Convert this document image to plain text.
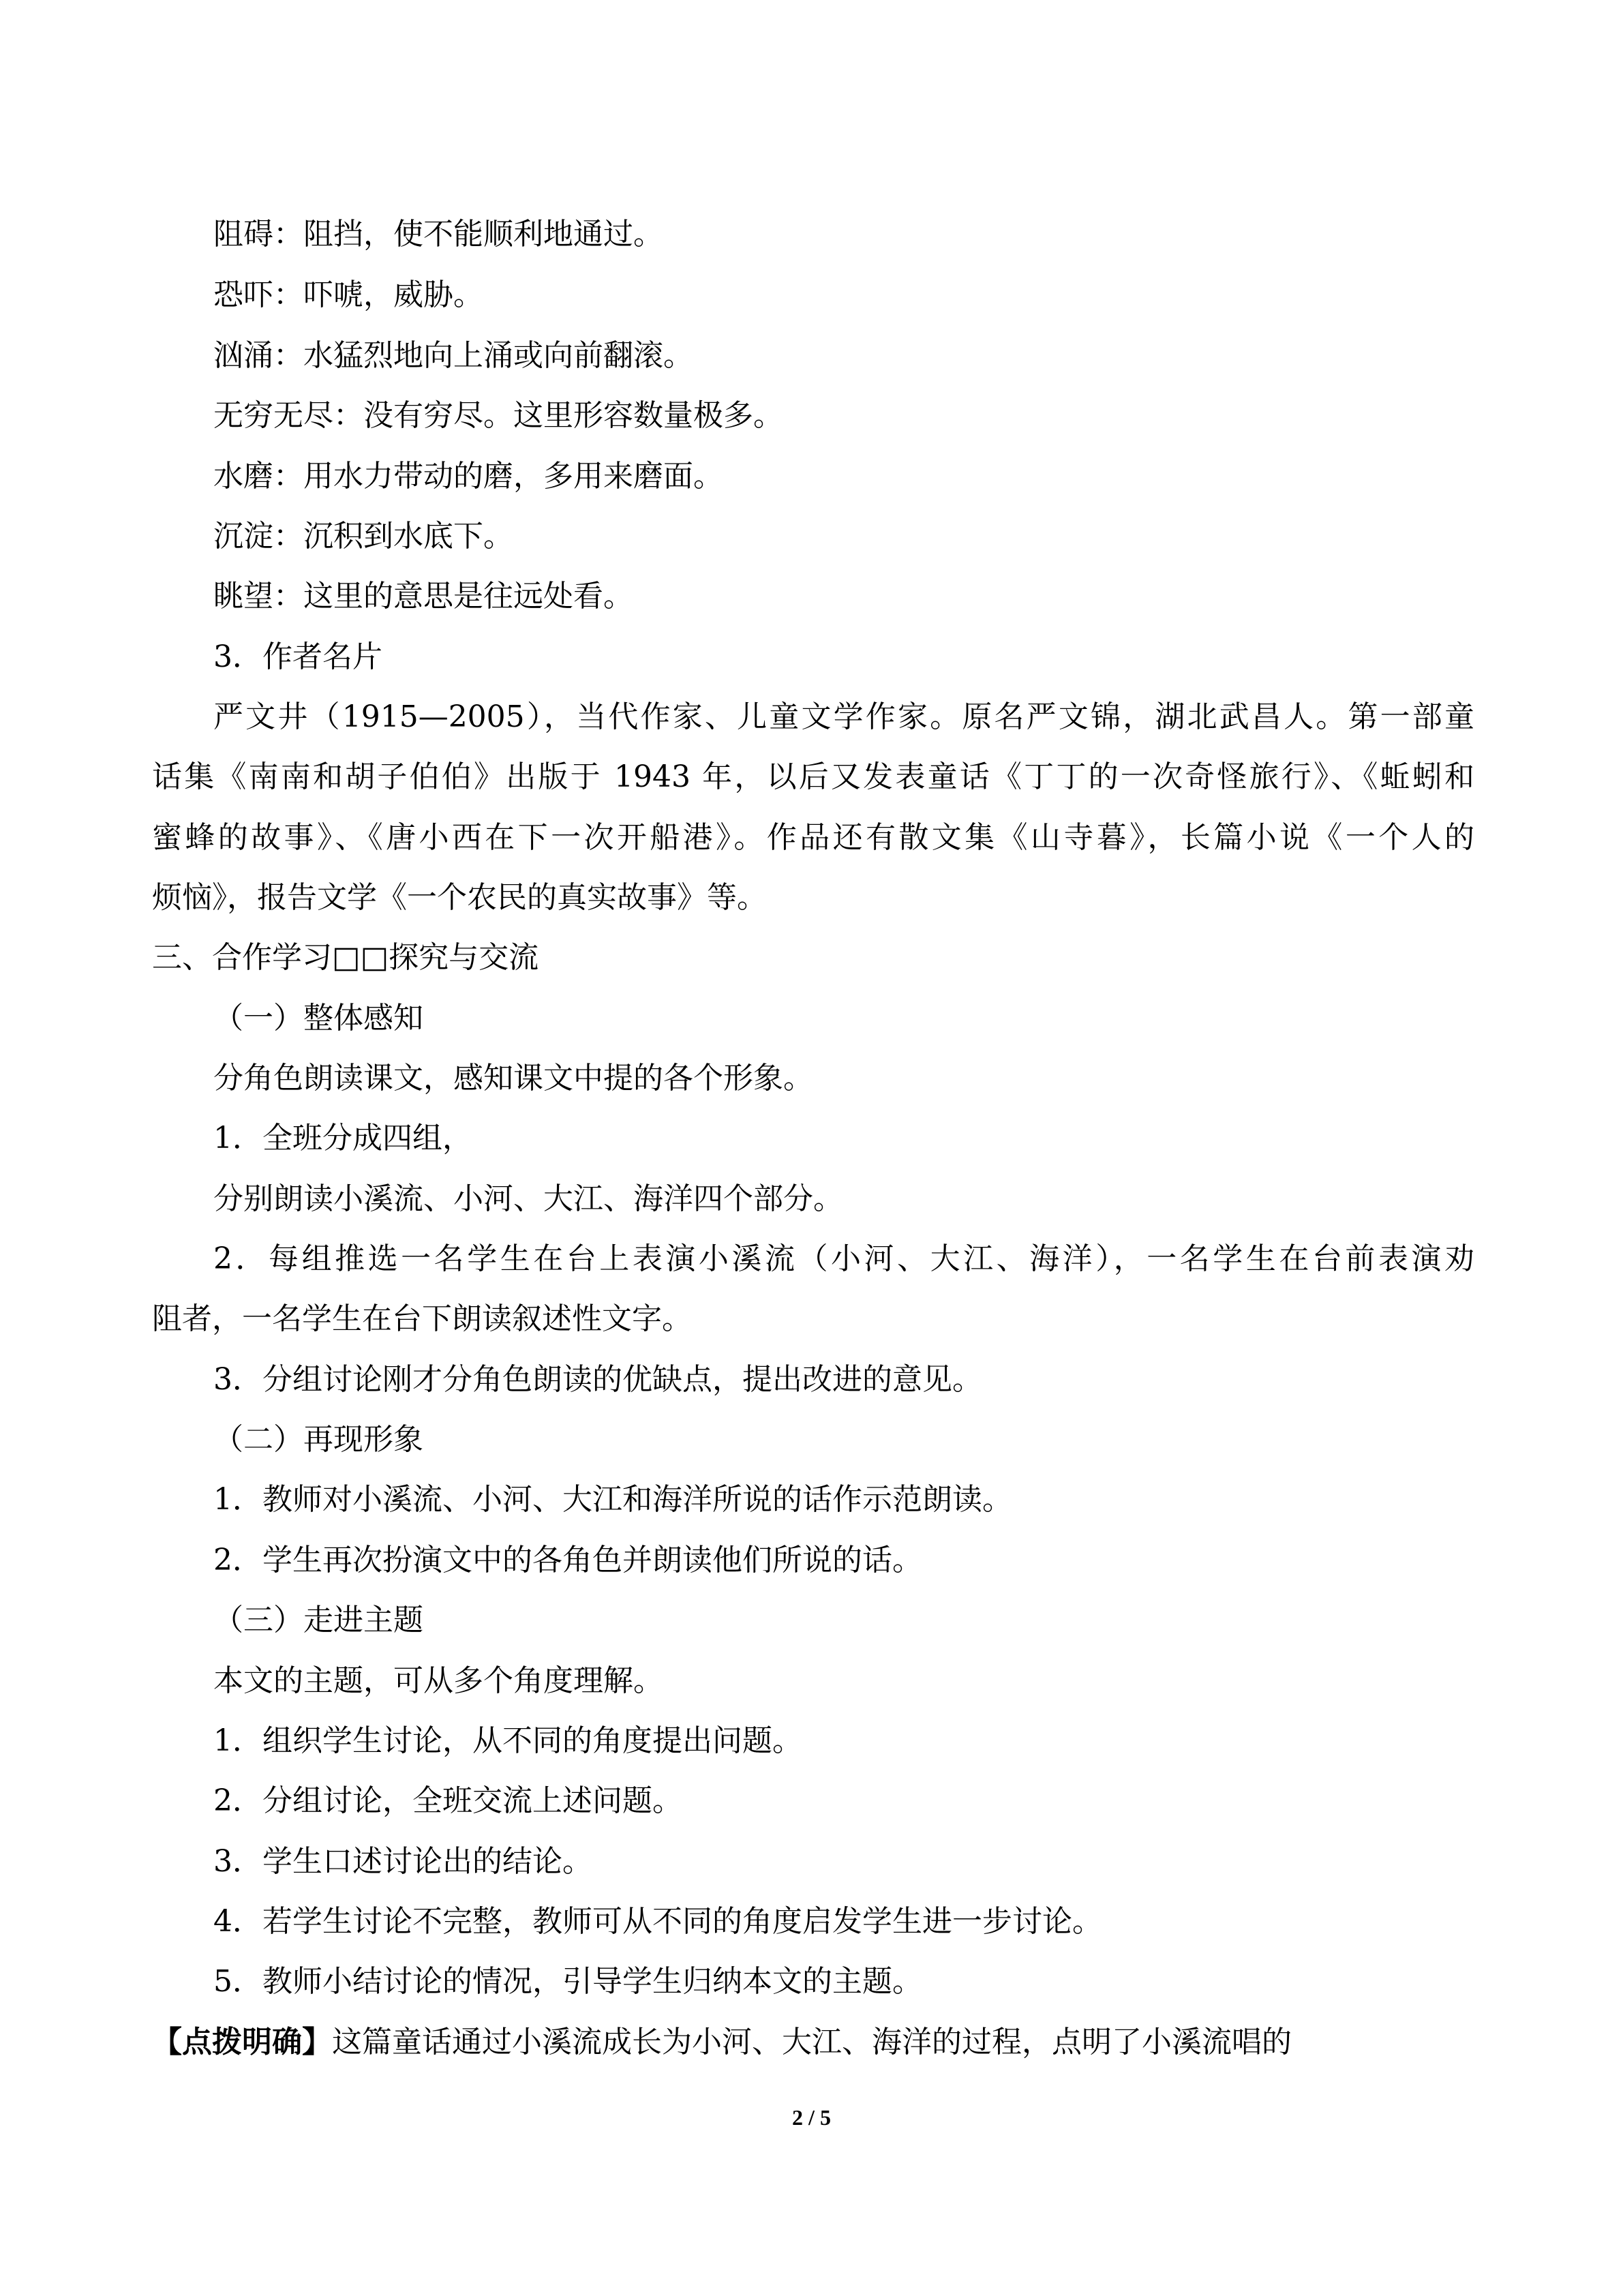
阻碍：阻挡，使不能顺利地通过。
恐吓：吓唬，威胁。
汹涌：水猛烈地向上涌或向前翻滚。
无穷无尽：没有穷尽。这里形容数量极多。
水磨：用水力带动的磨，多用来磨面。
沉淀：沉积到水底下。
眺望：这里的意思是往远处看。
3．作者名片
严文井（1915—2005），当代作家、儿童文学作家。原名严文锦，湖北武昌人。第一部童
话集《南南和胡子伯伯》出版于 1943 年，以后又发表童话《丁丁的一次奇怪旅行》、《蚯蚓和
蜜蜂的故事》、《唐小西在下一次开船港》。作品还有散文集《山寺暮》，长篇小说《一个人的
烦恼》，报告文学《一个农民的真实故事》等。
三、合作学习□□探究与交流
（一）整体感知
分角色朗读课文，感知课文中提的各个形象。
1．全班分成四组，
分别朗读小溪流、小河、大江、海洋四个部分。
2．每组推选一名学生在台上表演小溪流（小河、大江、海洋），一名学生在台前表演劝
阻者，一名学生在台下朗读叙述性文字。
3．分组讨论刚才分角色朗读的优缺点，提出改进的意见。
（二）再现形象
1．教师对小溪流、小河、大江和海洋所说的话作示范朗读。
2．学生再次扮演文中的各角色并朗读他们所说的话。
（三）走进主题
本文的主题，可从多个角度理解。
1．组织学生讨论，从不同的角度提出问题。
2．分组讨论，全班交流上述问题。
3．学生口述讨论出的结论。
4．若学生讨论不完整，教师可从不同的角度启发学生进一步讨论。
5．教师小结讨论的情况，引导学生归纳本文的主题。
【点拨明确】这篇童话通过小溪流成长为小河、大江、海洋的过程，点明了小溪流唱的
2 / 5
